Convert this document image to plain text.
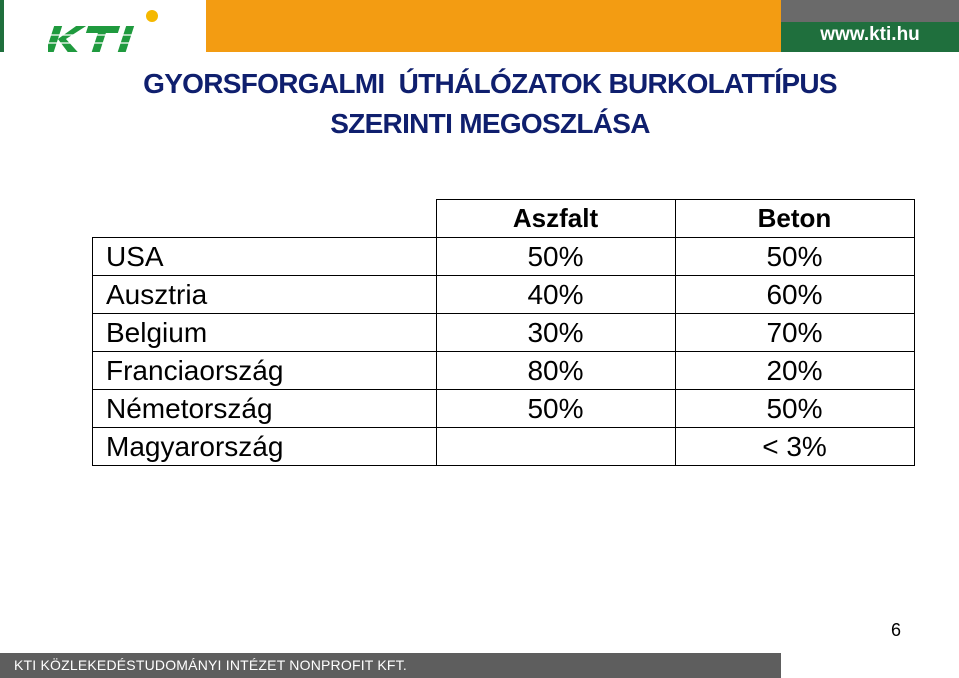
www.kti.hu
GYORSFORGALMI  ÚTHÁLÓZATOK BURKOLATTÍPUS
SZERINTI MEGOSZLÁSA
	Aszfalt	Beton
USA	50%	50%
Ausztria	40%	60%
Belgium	30%	70%
Franciaország	80%	20%
Németország	50%	50%
Magyarország		< 3%
6
KTI KÖZLEKEDÉSTUDOMÁNYI INTÉZET NONPROFIT KFT.
